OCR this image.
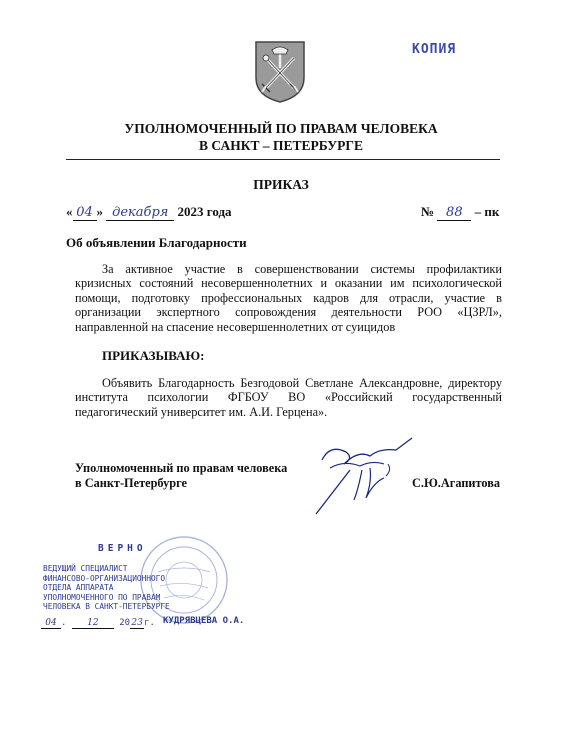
КОПИЯ
УПОЛНОМОЧЕННЫЙ ПО ПРАВАМ ЧЕЛОВЕКА
В САНКТ – ПЕТЕРБУРГЕ
ПРИКАЗ
« 04 » декабря 2023 года	№ 88 – пк
Об объявлении Благодарности
За активное участие в совершенствовании системы профилактики кризисных состояний несовершеннолетних и оказании им психологической помощи, подготовку профессиональных кадров для отрасли, участие в организации экспертного сопровождения деятельности РОО «ЦЗРЛ», направленной на спасение несовершеннолетних от суицидов
ПРИКАЗЫВАЮ:
Объявить Благодарность Безгодовой Светлане Александровне, директору института психологии ФГБОУ ВО «Российский государственный педагогический университет им. А.И. Герцена».
Уполномоченный по правам человека
в Санкт-Петербурге	С.Ю.Агапитова
ВЕРНО
ВЕДУЩИЙ СПЕЦИАЛИСТ
ФИНАНСОВО-ОРГАНИЗАЦИОННОГО
ОТДЕЛА АППАРАТА
УПОЛНОМОЧЕННОГО ПО ПРАВАМ
ЧЕЛОВЕКА В САНКТ-ПЕТЕРБУРГЕ
04 . 12 2023г. КУДРЯВЦЕВА О.А.
